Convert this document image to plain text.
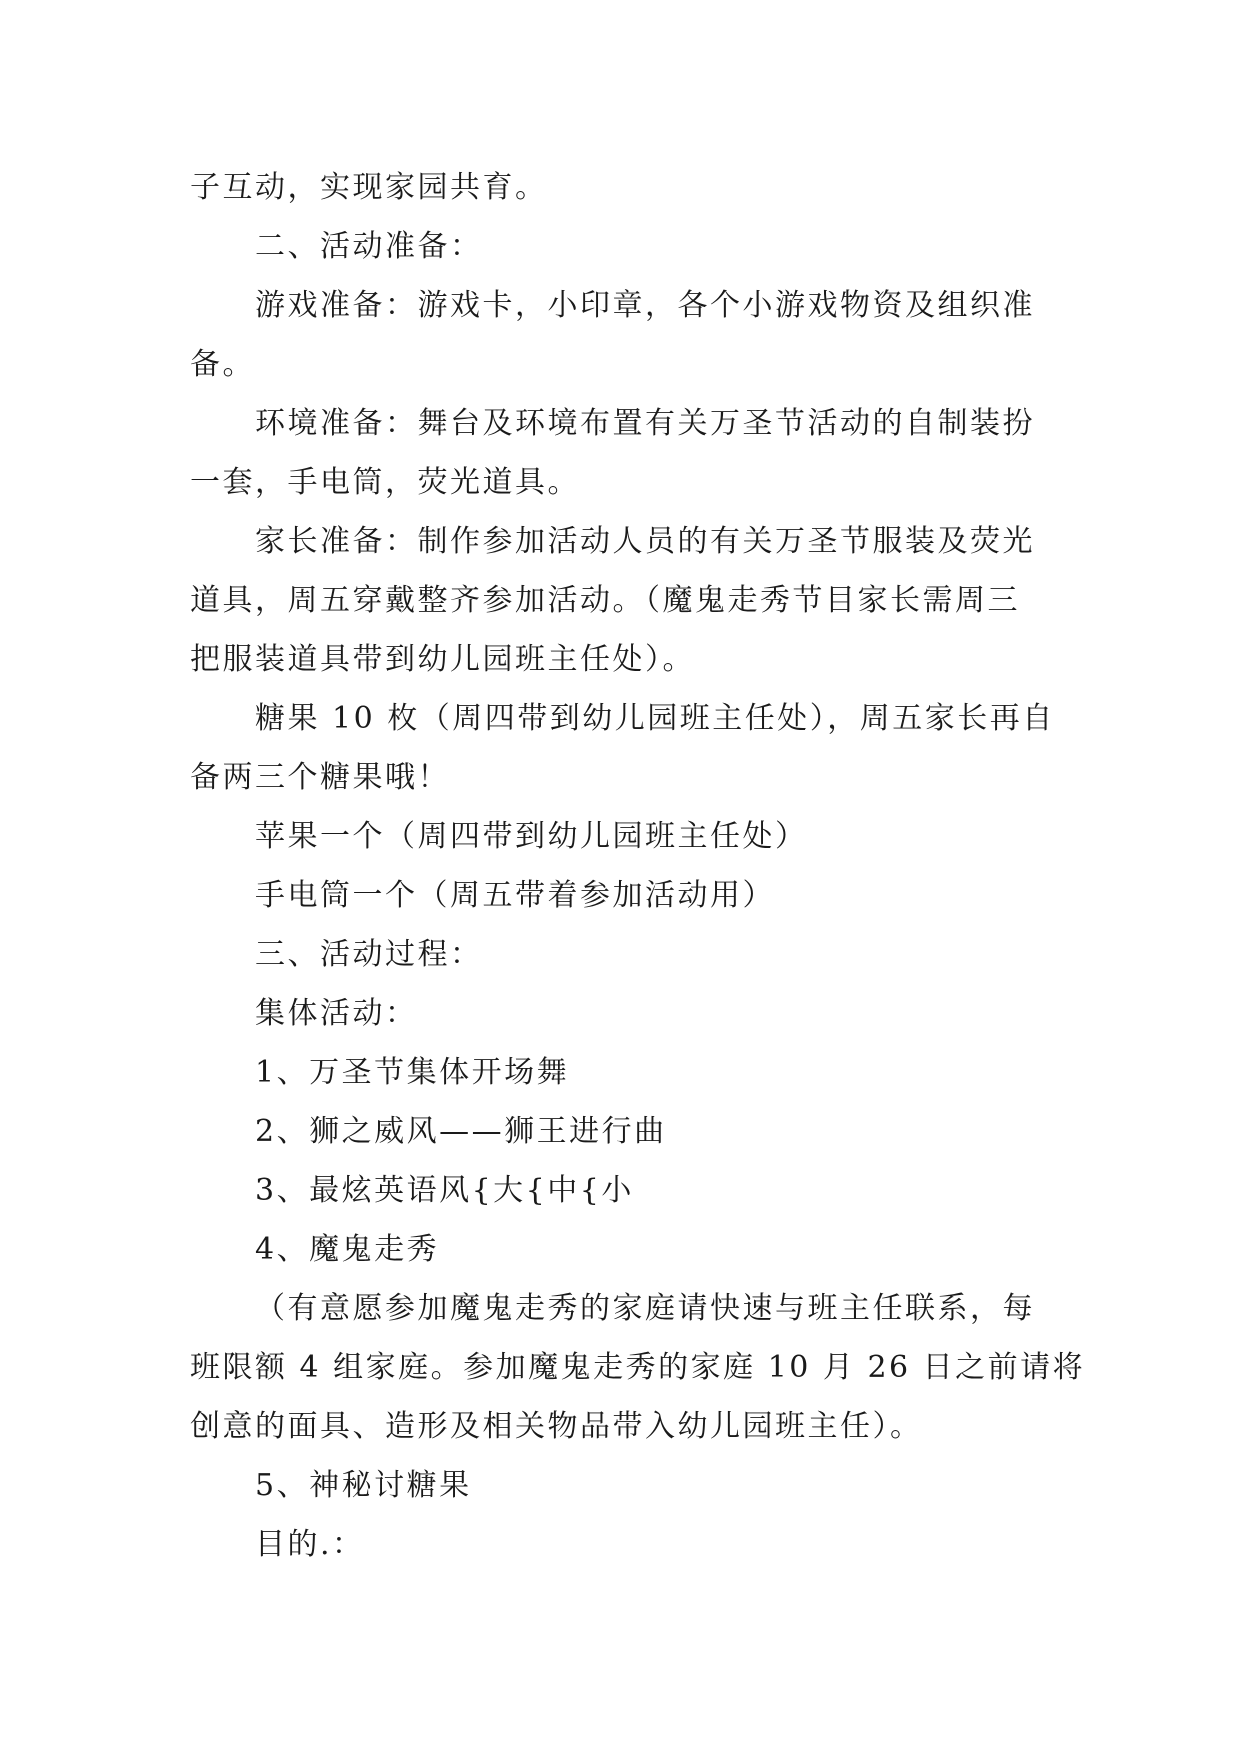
子互动，实现家园共育。
二、活动准备：
游戏准备：游戏卡，小印章，各个小游戏物资及组织准
备。
环境准备：舞台及环境布置有关万圣节活动的自制装扮
一套，手电筒，荧光道具。
家长准备：制作参加活动人员的有关万圣节服装及荧光
道具，周五穿戴整齐参加活动。（魔鬼走秀节目家长需周三
把服装道具带到幼儿园班主任处）。
糖果 10 枚（周四带到幼儿园班主任处），周五家长再自
备两三个糖果哦！
苹果一个（周四带到幼儿园班主任处）
手电筒一个（周五带着参加活动用）
三、活动过程：
集体活动：
1、万圣节集体开场舞
2、狮之威风——狮王进行曲
3、最炫英语风{大{中{小
4、魔鬼走秀
（有意愿参加魔鬼走秀的家庭请快速与班主任联系，每
班限额 4 组家庭。参加魔鬼走秀的家庭 10 月 26 日之前请将
创意的面具、造形及相关物品带入幼儿园班主任）。
5、神秘讨糖果
目的.：
